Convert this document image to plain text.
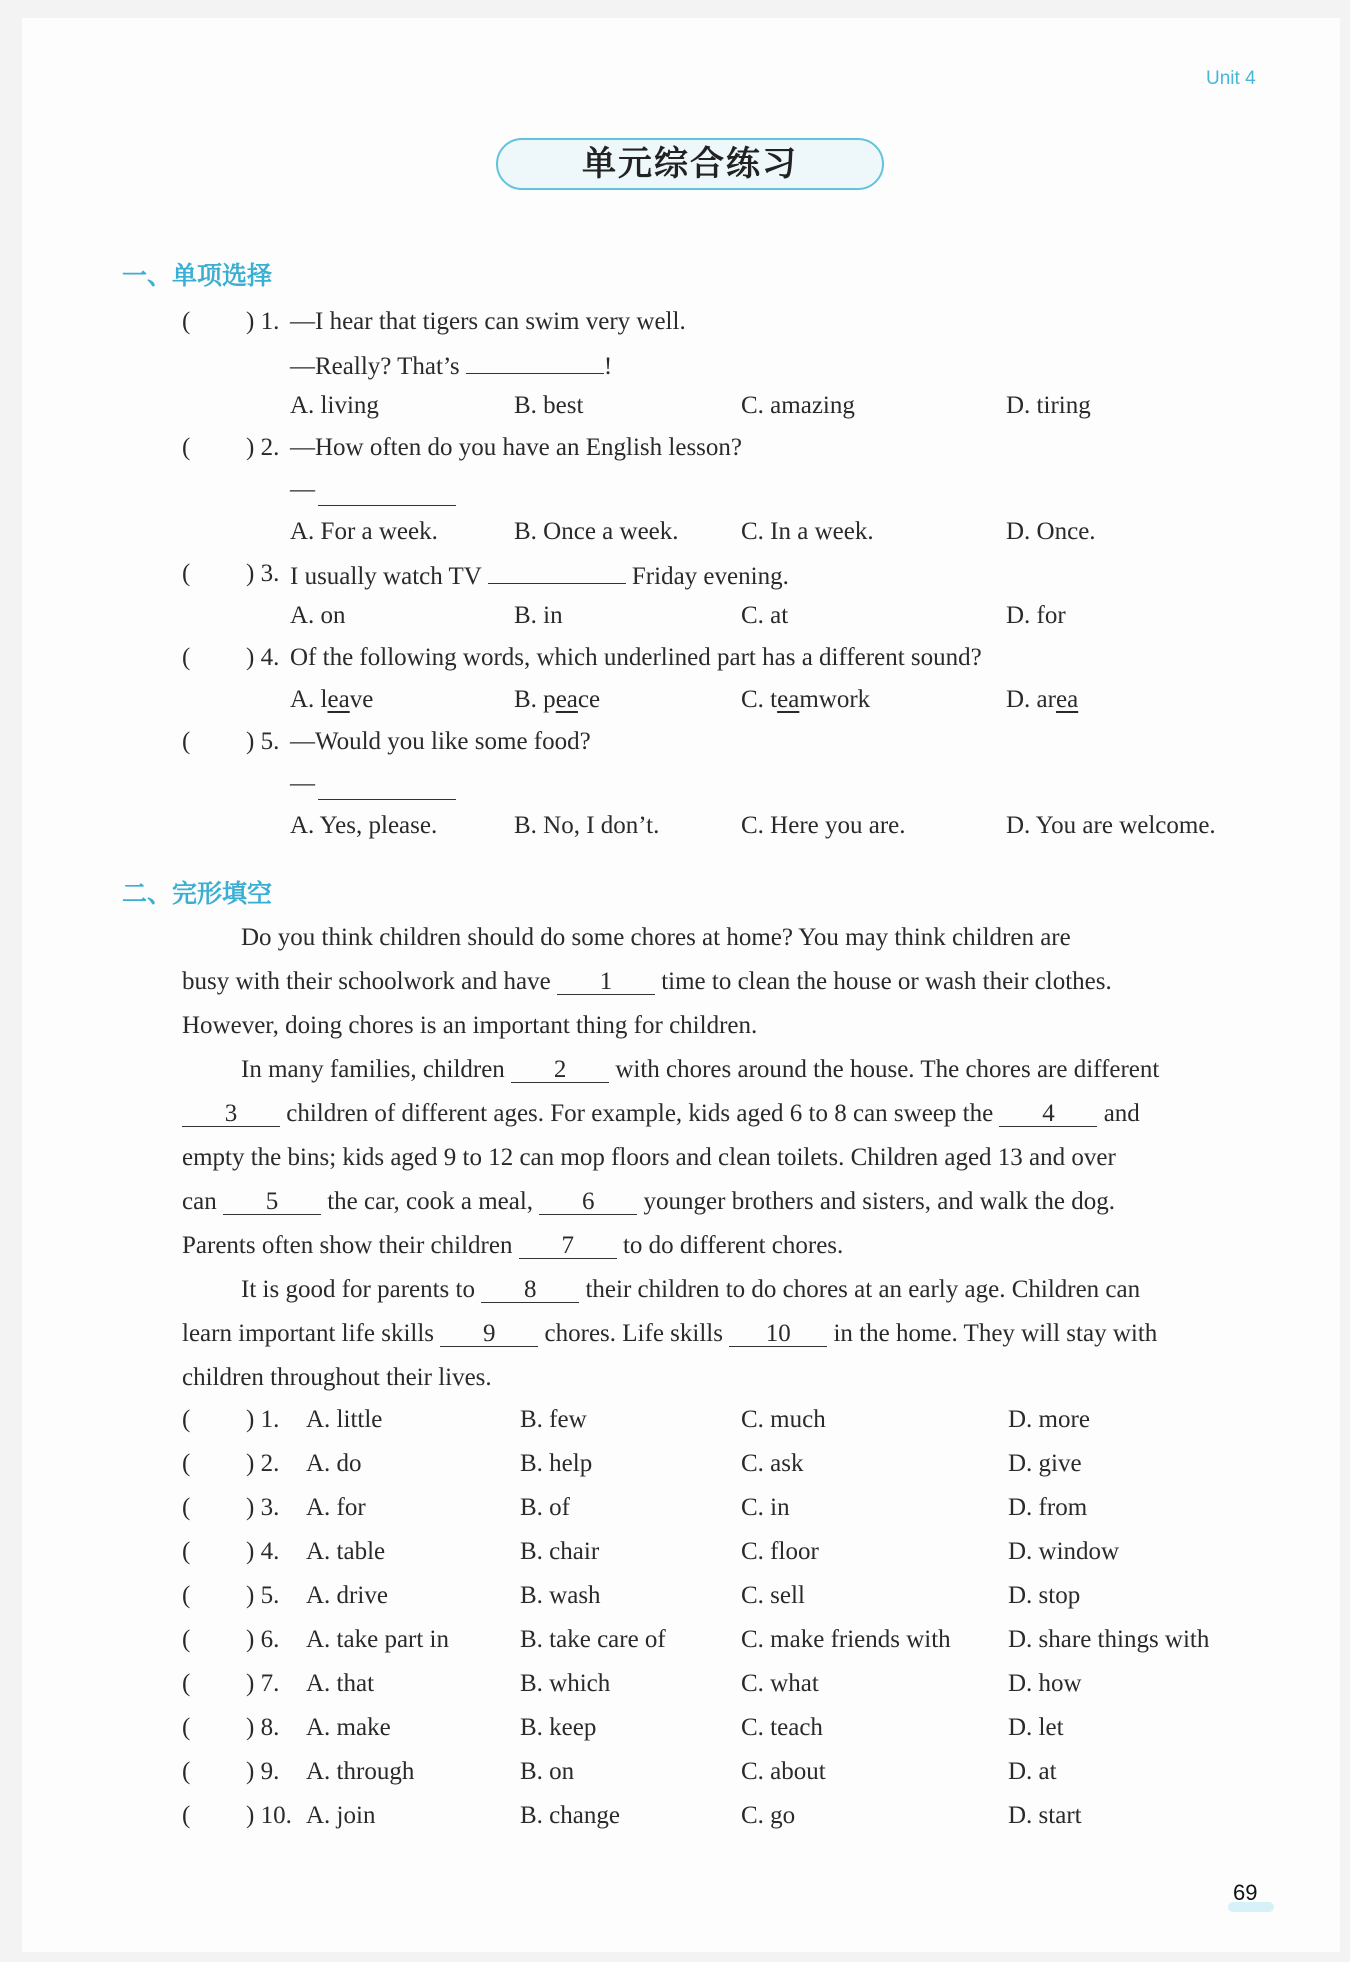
Unit 4
单元综合练习
一、单项选择
( ) 1. —I hear that tigers can swim very well.
—Really? That’s	!
A. living	B. best	C. amazing	D. tiring
( ) 2. —How often do you have an English lesson?
—
A. For a week.	B. Once a week. C. In a week.	D. Once.
( ) 3. I usually watch TV	Friday evening.
A. on	B. in	C. at	D. for
( ) 4. Of the following words, which underlined part has a different sound?
A. leave	B. peace	C. teamwork	D. area
( ) 5. —Would you like some food?
—
A. Yes, please.	B. No, I don’t.	C. Here you are.	D. You are welcome.
二、完形填空
Do you think children should do some chores at home? You may think children are
busy with their schoolwork and have 1 time to clean the house or wash their clothes.
However, doing chores is an important thing for children.
In many families, children 2 with chores around the house. The chores are different
3 children of different ages. For example, kids aged 6 to 8 can sweep the 4 and
empty the bins; kids aged 9 to 12 can mop floors and clean toilets. Children aged 13 and over
can 5 the car, cook a meal, 6 younger brothers and sisters, and walk the dog.
Parents often show their children 7 to do different chores.
It is good for parents to 8 their children to do chores at an early age. Children can
learn important life skills 9 chores. Life skills 10 in the home. They will stay with
children throughout their lives.
( ) 1. A. little	B. few	C. much	D. more
( ) 2. A. do	B. help	C. ask	D. give
( ) 3. A. for	B. of	C. in	D. from
( ) 4. A. table	B. chair	C. floor	D. window
( ) 5. A. drive	B. wash	C. sell	D. stop
( ) 6. A. take part in	B. take care of	C. make friends with D. share things with
( ) 7. A. that	B. which	C. what	D. how
( ) 8. A. make	B. keep	C. teach	D. let
( ) 9. A. through	B. on	C. about	D. at
( ) 10. A. join	B. change	C. go	D. start
69
